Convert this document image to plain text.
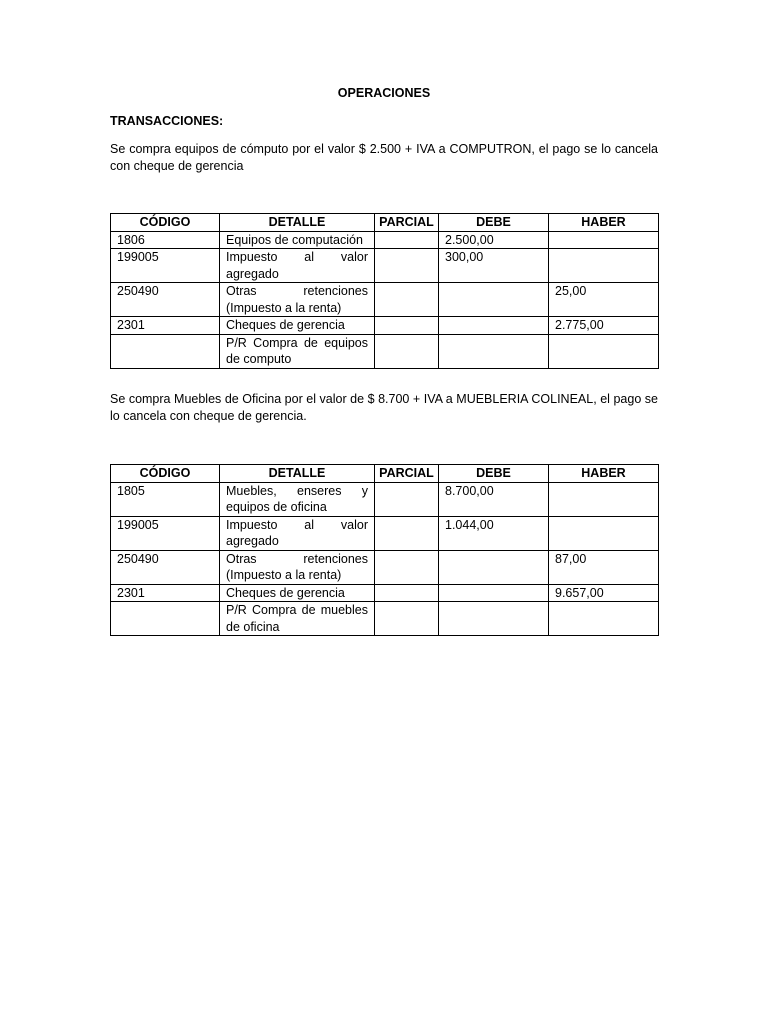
OPERACIONES
TRANSACCIONES:

Se compra equipos de cómputo por el valor $ 2.500 + IVA a COMPUTRON, el pago se lo cancela con cheque de gerencia

CÓDIGO	DETALLE	PARCIAL	DEBE	HABER
1806	Equipos de computación		2.500,00	
199005	Impuesto al valor agregado		300,00	
250490	Otras retenciones (Impuesto a la renta)			25,00
2301	Cheques de gerencia			2.775,00
	P/R Compra de equipos de computo			

Se compra Muebles de Oficina por el valor de $ 8.700 + IVA a MUEBLERIA COLINEAL, el pago se lo cancela con cheque de gerencia.

CÓDIGO	DETALLE	PARCIAL	DEBE	HABER
1805	Muebles, enseres y equipos de oficina		8.700,00	
199005	Impuesto al valor agregado		1.044,00	
250490	Otras retenciones (Impuesto a la renta)			87,00
2301	Cheques de gerencia			9.657,00
	P/R Compra de muebles de oficina			
